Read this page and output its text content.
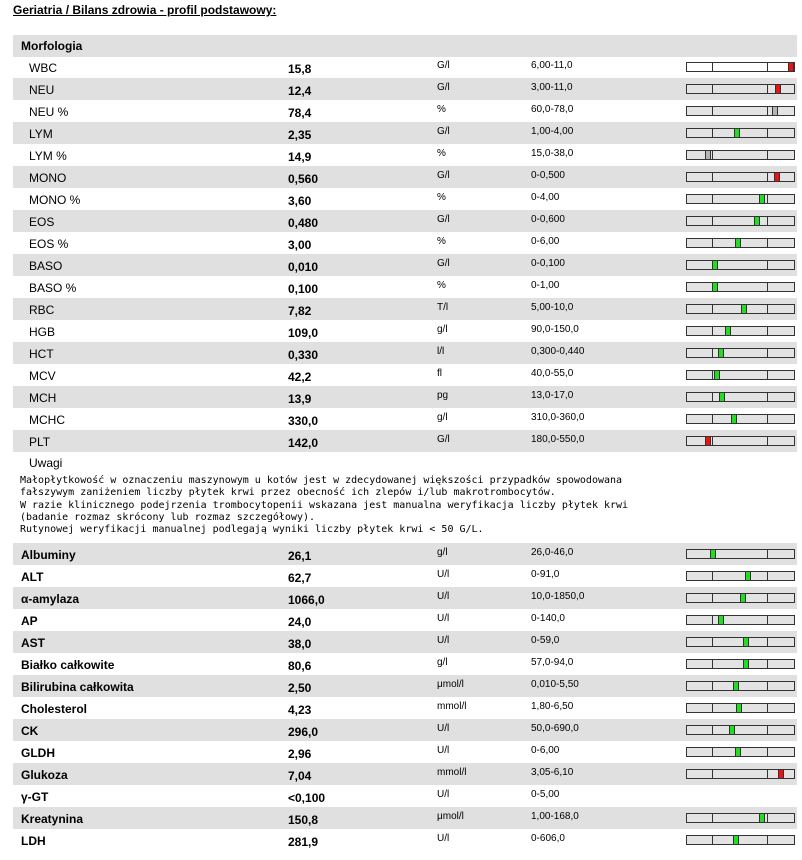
Geriatria / Bilans zdrowia - profil podstawowy:
Morfologia
WBC	15,8	G/l	6,00-11,0
NEU	12,4	G/l	3,00-11,0
NEU %	78,4	%	60,0-78,0
LYM	2,35	G/l	1,00-4,00
LYM %	14,9	%	15,0-38,0
MONO	0,560	G/l	0-0,500
MONO %	3,60	%	0-4,00
EOS	0,480	G/l	0-0,600
EOS %	3,00	%	0-6,00
BASO	0,010	G/l	0-0,100
BASO %	0,100	%	0-1,00
RBC	7,82	T/l	5,00-10,0
HGB	109,0	g/l	90,0-150,0
HCT	0,330	l/l	0,300-0,440
MCV	42,2	fl	40,0-55,0
MCH	13,9	pg	13,0-17,0
MCHC	330,0	g/l	310,0-360,0
PLT	142,0	G/l	180,0-550,0
Uwagi
Małopłytkowość w oznaczeniu maszynowym u kotów jest w zdecydowanej większości przypadków spowodowana
fałszywym zaniżeniem liczby płytek krwi przez obecność ich zlepów i/lub makrotrombocytów.
W razie klinicznego podejrzenia trombocytopenii wskazana jest manualna weryfikacja liczby płytek krwi
(badanie rozmaz skrócony lub rozmaz szczegółowy).
Rutynowej weryfikacji manualnej podlegają wyniki liczby płytek krwi < 50 G/L.
Albuminy	26,1	g/l	26,0-46,0
ALT	62,7	U/l	0-91,0
α-amylaza	1066,0	U/l	10,0-1850,0
AP	24,0	U/l	0-140,0
AST	38,0	U/l	0-59,0
Białko całkowite	80,6	g/l	57,0-94,0
Bilirubina całkowita	2,50	μmol/l	0,010-5,50
Cholesterol	4,23	mmol/l	1,80-6,50
CK	296,0	U/l	50,0-690,0
GLDH	2,96	U/l	0-6,00
Glukoza	7,04	mmol/l	3,05-6,10
γ-GT	<0,100	U/l	0-5,00
Kreatynina	150,8	μmol/l	1,00-168,0
LDH	281,9	U/l	0-606,0
